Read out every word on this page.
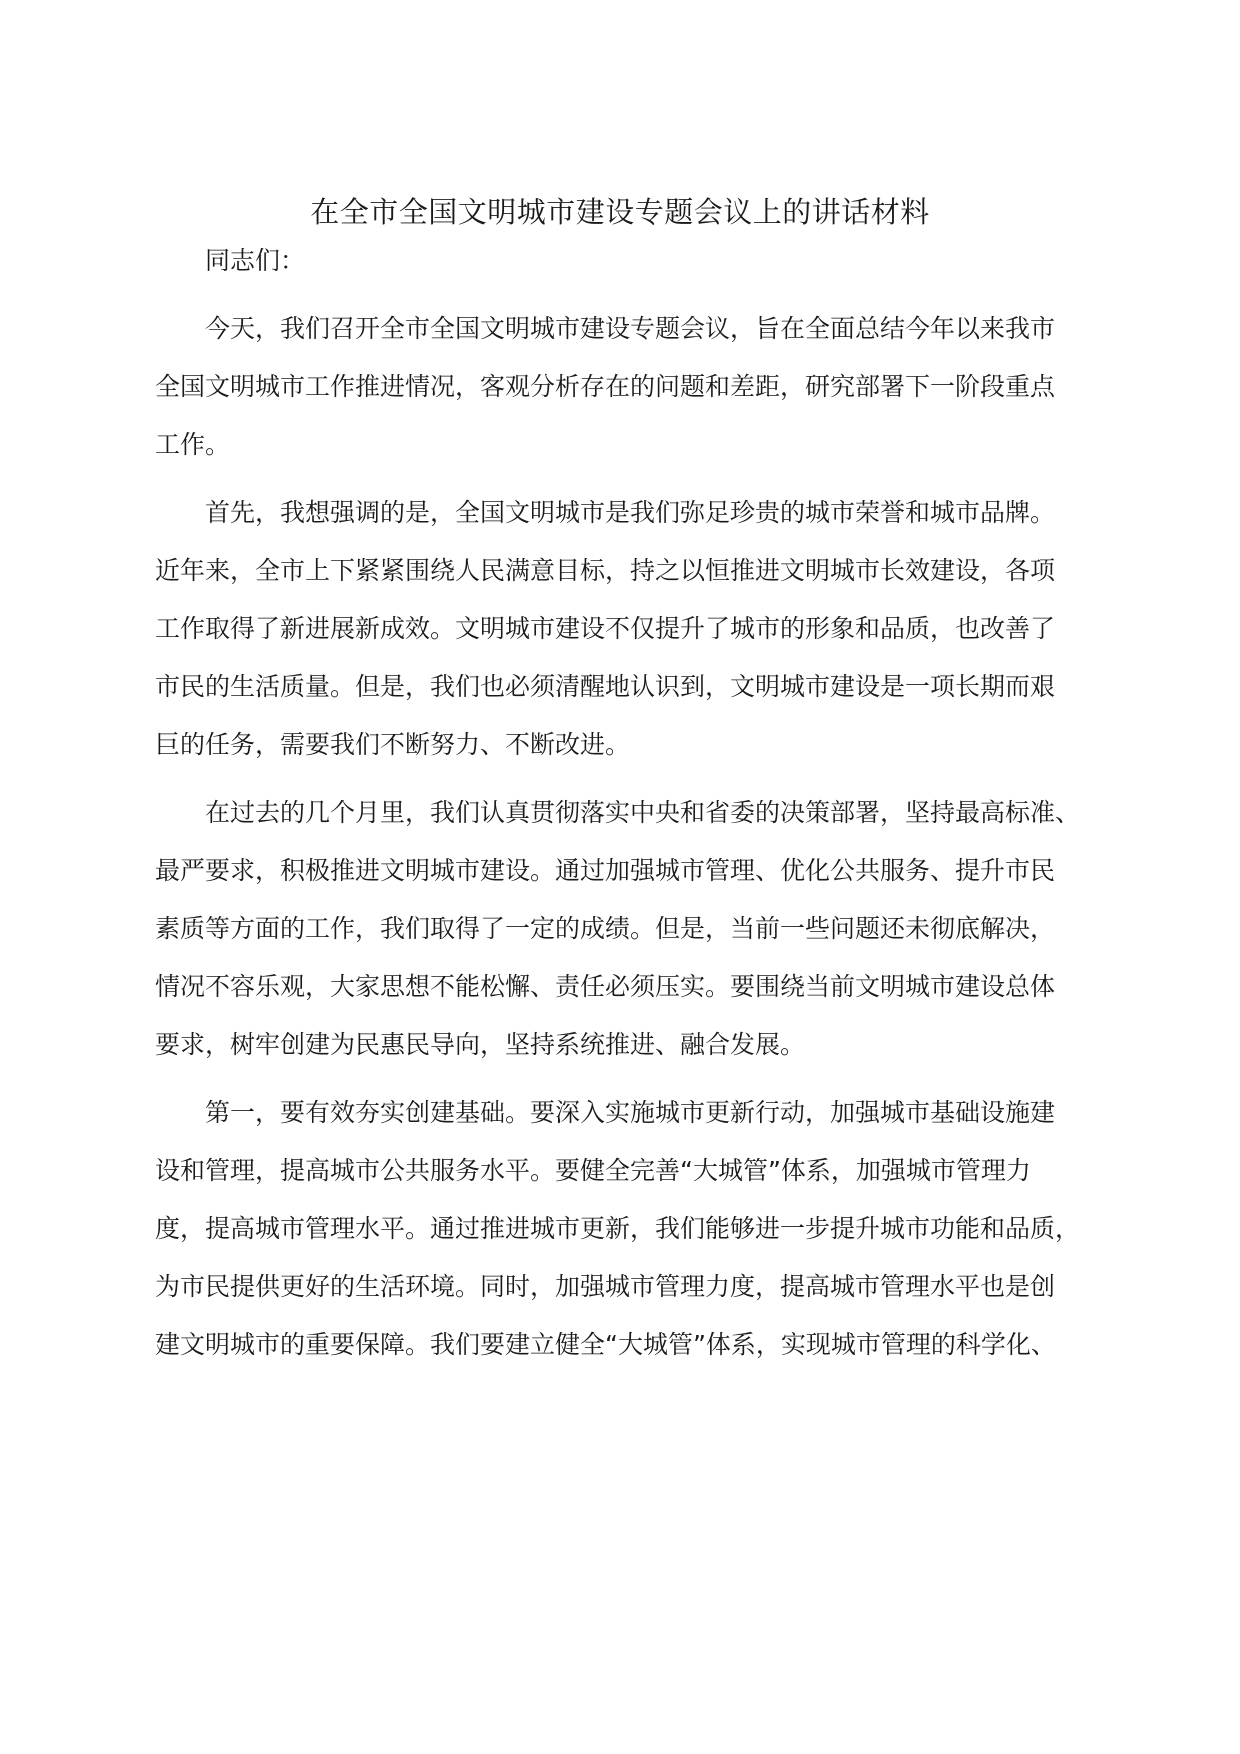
在全市全国文明城市建设专题会议上的讲话材料
同志们：
今天，我们召开全市全国文明城市建设专题会议，旨在全面总结今年以来我市
全国文明城市工作推进情况，客观分析存在的问题和差距，研究部署下一阶段重点
工作。
首先，我想强调的是，全国文明城市是我们弥足珍贵的城市荣誉和城市品牌。
近年来，全市上下紧紧围绕人民满意目标，持之以恒推进文明城市长效建设，各项
工作取得了新进展新成效。文明城市建设不仅提升了城市的形象和品质，也改善了
市民的生活质量。但是，我们也必须清醒地认识到，文明城市建设是一项长期而艰
巨的任务，需要我们不断努力、不断改进。
在过去的几个月里，我们认真贯彻落实中央和省委的决策部署，坚持最高标准、
最严要求，积极推进文明城市建设。通过加强城市管理、优化公共服务、提升市民
素质等方面的工作，我们取得了一定的成绩。但是，当前一些问题还未彻底解决，
情况不容乐观，大家思想不能松懈、责任必须压实。要围绕当前文明城市建设总体
要求，树牢创建为民惠民导向，坚持系统推进、融合发展。
第一，要有效夯实创建基础。要深入实施城市更新行动，加强城市基础设施建
设和管理，提高城市公共服务水平。要健全完善“大城管”体系，加强城市管理力
度，提高城市管理水平。通过推进城市更新，我们能够进一步提升城市功能和品质，
为市民提供更好的生活环境。同时，加强城市管理力度，提高城市管理水平也是创
建文明城市的重要保障。我们要建立健全“大城管”体系，实现城市管理的科学化、
